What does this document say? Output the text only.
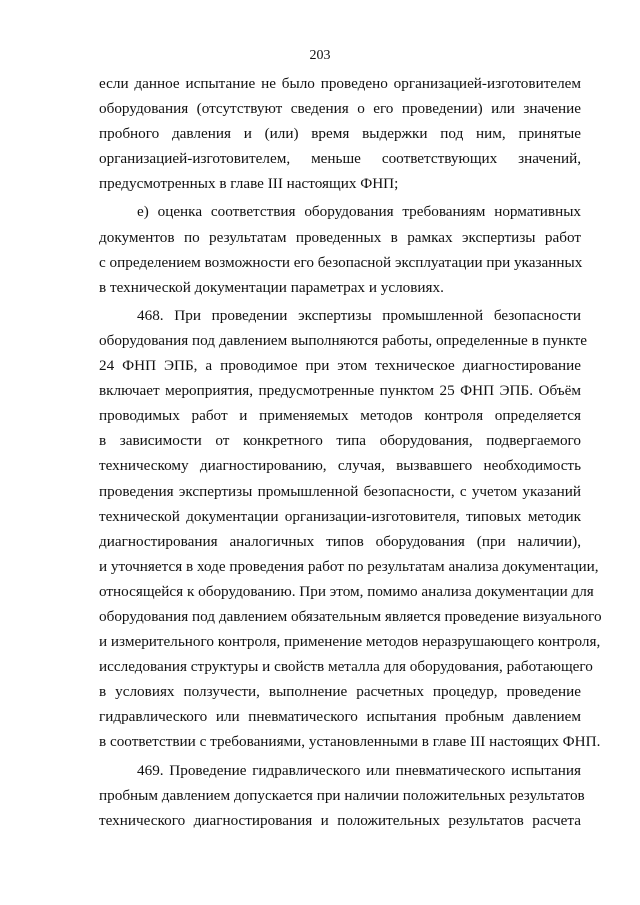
203
если данное испытание не было проведено организацией-изготовителем
оборудования (отсутствуют сведения о его проведении) или значение
пробного давления и (или) время выдержки под ним, принятые
организацией-изготовителем, меньше соответствующих значений,
предусмотренных в главе III настоящих ФНП;
е) оценка соответствия оборудования требованиям нормативных
документов по результатам проведенных в рамках экспертизы работ
с определением возможности его безопасной эксплуатации при указанных
в технической документации параметрах и условиях.
468. При проведении экспертизы промышленной безопасности
оборудования под давлением выполняются работы, определенные в пункте
24 ФНП ЭПБ, а проводимое при этом техническое диагностирование
включает мероприятия, предусмотренные пунктом 25 ФНП ЭПБ. Объём
проводимых работ и применяемых методов контроля определяется
в зависимости от конкретного типа оборудования, подвергаемого
техническому диагностированию, случая, вызвавшего необходимость
проведения экспертизы промышленной безопасности, с учетом указаний
технической документации организации-изготовителя, типовых методик
диагностирования аналогичных типов оборудования (при наличии),
и уточняется в ходе проведения работ по результатам анализа документации,
относящейся к оборудованию. При этом, помимо анализа документации для
оборудования под давлением обязательным является проведение визуального
и измерительного контроля, применение методов неразрушающего контроля,
исследования структуры и свойств металла для оборудования, работающего
в условиях ползучести, выполнение расчетных процедур, проведение
гидравлического или пневматического испытания пробным давлением
в соответствии с требованиями, установленными в главе III настоящих ФНП.
469. Проведение гидравлического или пневматического испытания
пробным давлением допускается при наличии положительных результатов
технического диагностирования и положительных результатов расчета
